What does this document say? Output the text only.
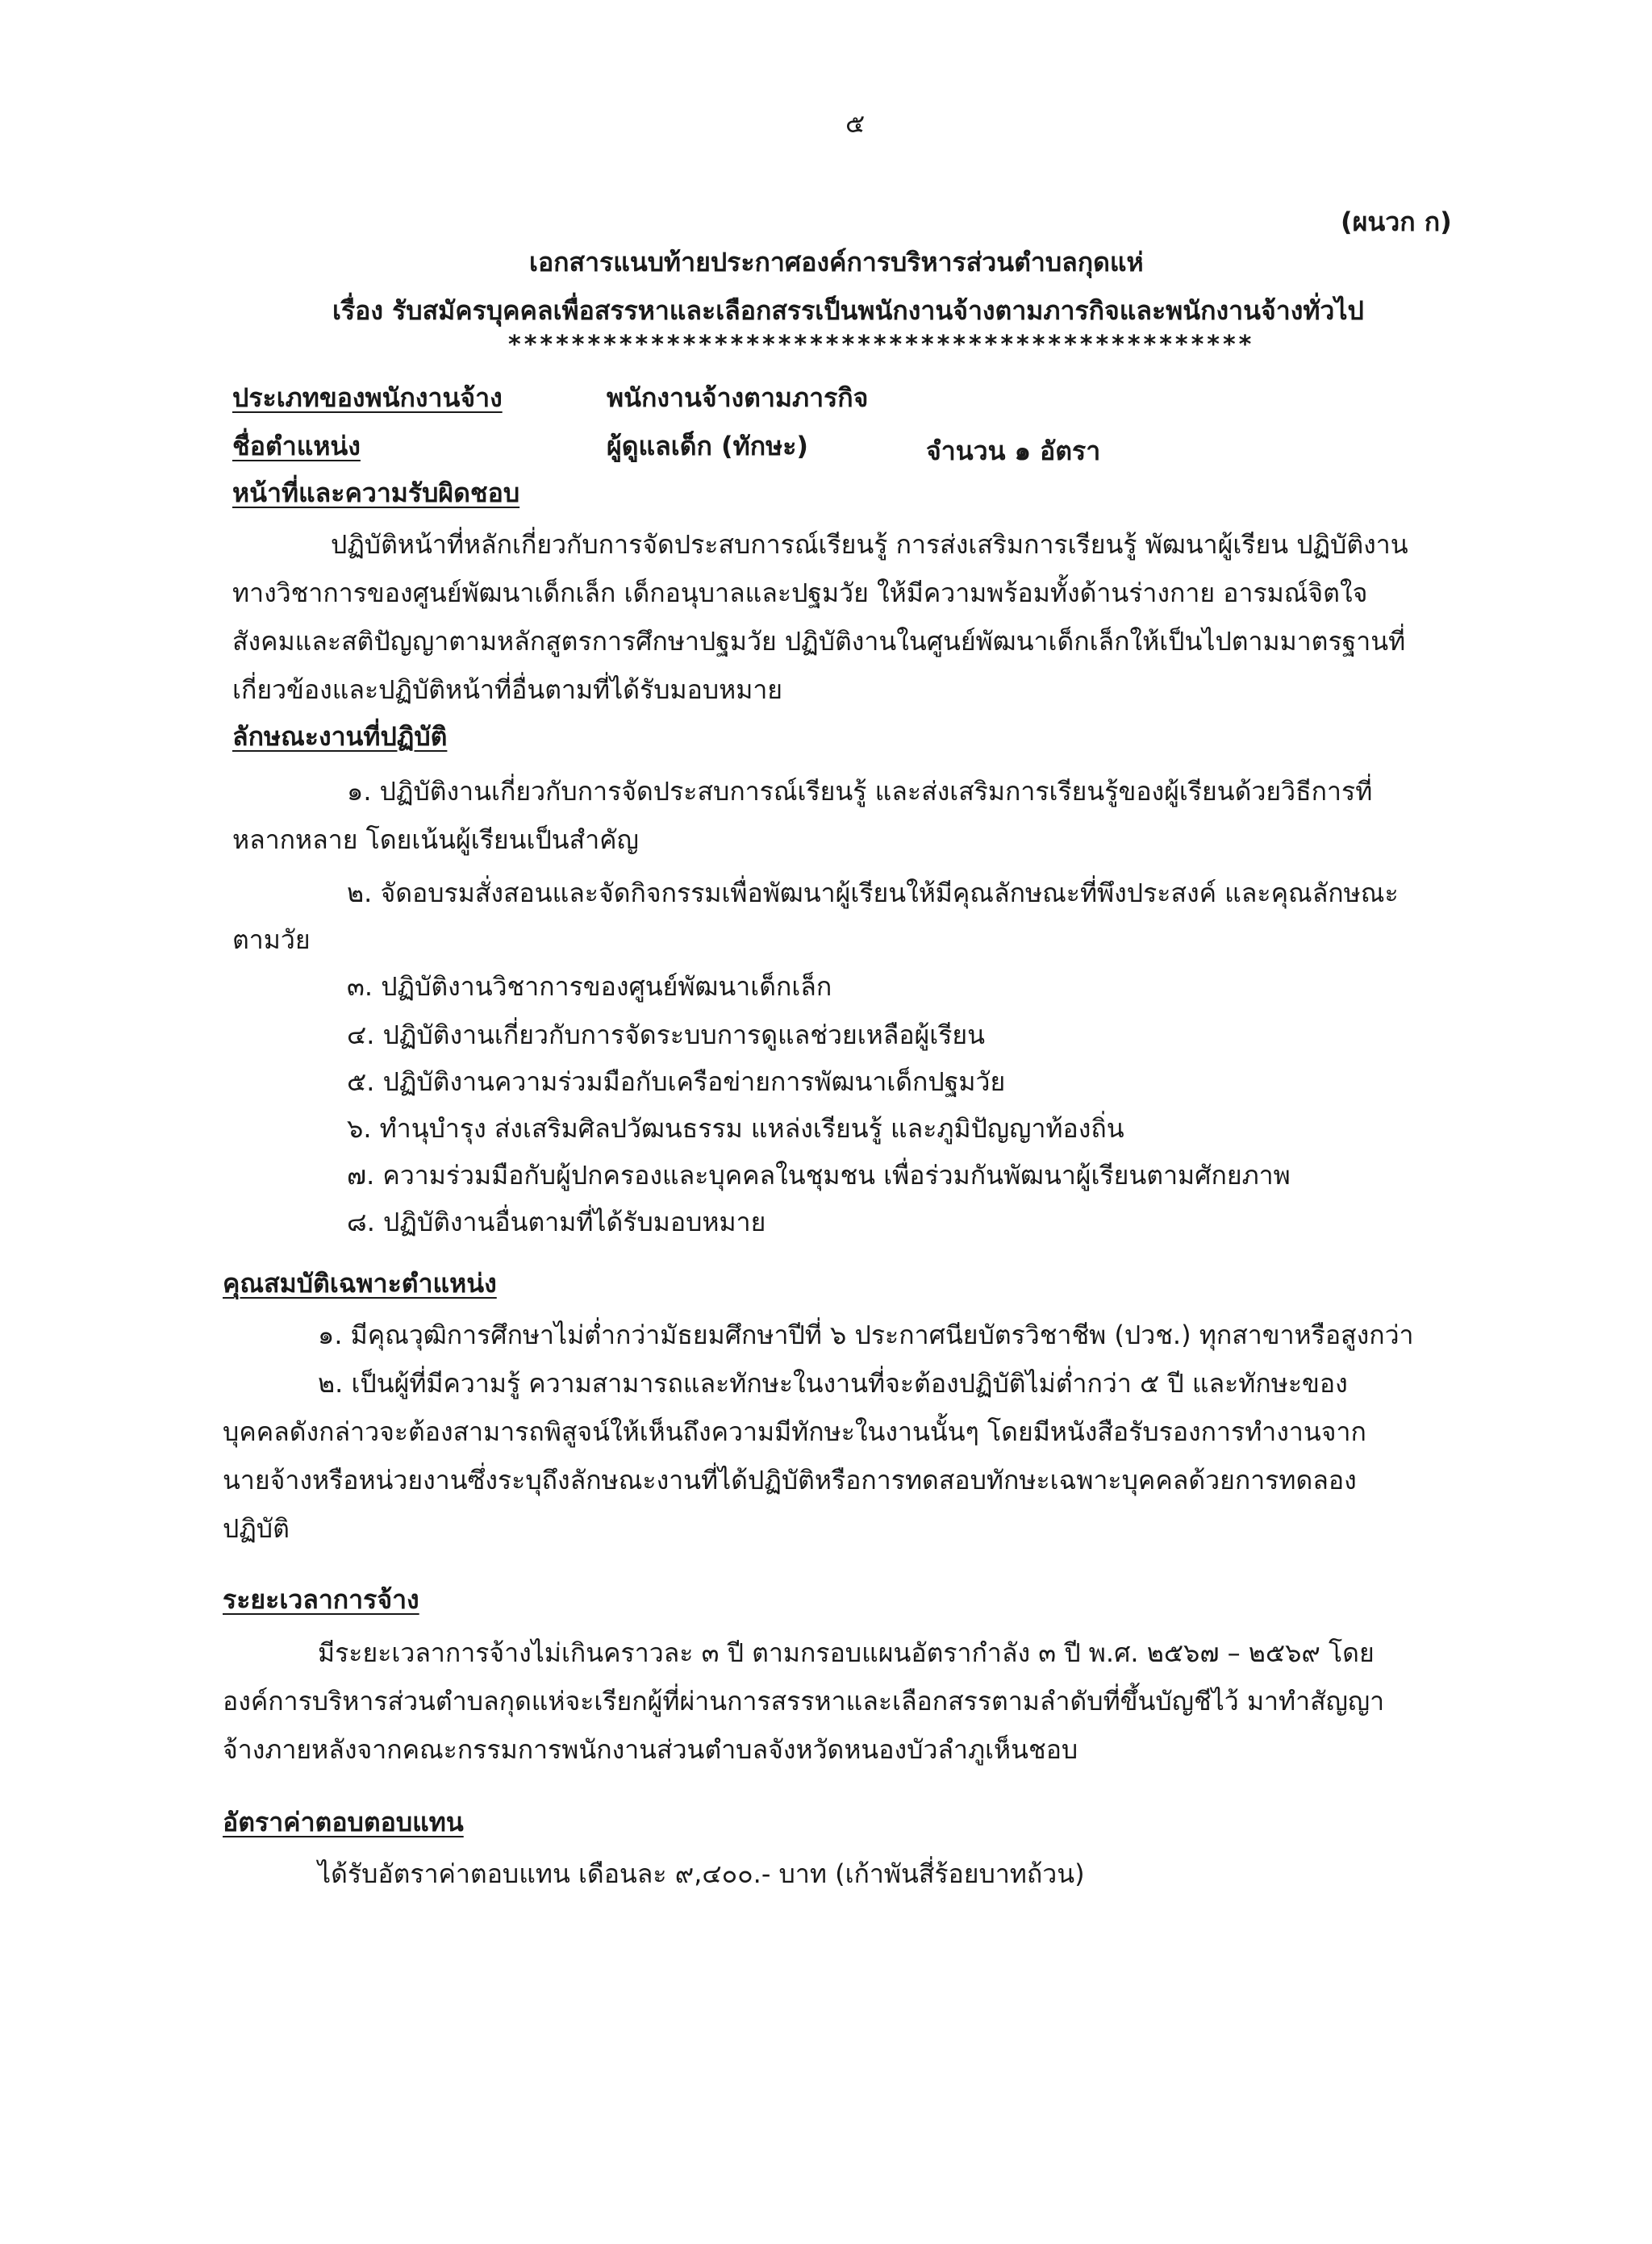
๕
(ผนวก ก)
เอกสารแนบท้ายประกาศองค์การบริหารส่วนตำบลกุดแห่
เรื่อง รับสมัครบุคคลเพื่อสรรหาและเลือกสรรเป็นพนักงานจ้างตามภารกิจและพนักงานจ้างทั่วไป
***********************************************
ประเภทของพนักงานจ้าง	พนักงานจ้างตามภารกิจ
ชื่อตำแหน่ง	ผู้ดูแลเด็ก (ทักษะ)	จำนวน ๑ อัตรา
หน้าที่และความรับผิดชอบ
ปฏิบัติหน้าที่หลักเกี่ยวกับการจัดประสบการณ์เรียนรู้ การส่งเสริมการเรียนรู้ พัฒนาผู้เรียน ปฏิบัติงาน
ทางวิชาการของศูนย์พัฒนาเด็กเล็ก เด็กอนุบาลและปฐมวัย ให้มีความพร้อมทั้งด้านร่างกาย อารมณ์จิตใจ
สังคมและสติปัญญาตามหลักสูตรการศึกษาปฐมวัย ปฏิบัติงานในศูนย์พัฒนาเด็กเล็กให้เป็นไปตามมาตรฐานที่
เกี่ยวข้องและปฏิบัติหน้าที่อื่นตามที่ได้รับมอบหมาย
ลักษณะงานที่ปฏิบัติ
๑. ปฏิบัติงานเกี่ยวกับการจัดประสบการณ์เรียนรู้ และส่งเสริมการเรียนรู้ของผู้เรียนด้วยวิธีการที่
หลากหลาย โดยเน้นผู้เรียนเป็นสำคัญ
๒. จัดอบรมสั่งสอนและจัดกิจกรรมเพื่อพัฒนาผู้เรียนให้มีคุณลักษณะที่พึงประสงค์ และคุณลักษณะ
ตามวัย
๓. ปฏิบัติงานวิชาการของศูนย์พัฒนาเด็กเล็ก
๔. ปฏิบัติงานเกี่ยวกับการจัดระบบการดูแลช่วยเหลือผู้เรียน
๕. ปฏิบัติงานความร่วมมือกับเครือข่ายการพัฒนาเด็กปฐมวัย
๖. ทำนุบำรุง ส่งเสริมศิลปวัฒนธรรม แหล่งเรียนรู้ และภูมิปัญญาท้องถิ่น
๗. ความร่วมมือกับผู้ปกครองและบุคคลในชุมชน เพื่อร่วมกันพัฒนาผู้เรียนตามศักยภาพ
๘. ปฏิบัติงานอื่นตามที่ได้รับมอบหมาย
คุณสมบัติเฉพาะตำแหน่ง
๑. มีคุณวุฒิการศึกษาไม่ต่ำกว่ามัธยมศึกษาปีที่ ๖ ประกาศนียบัตรวิชาชีพ (ปวช.) ทุกสาขาหรือสูงกว่า
๒. เป็นผู้ที่มีความรู้ ความสามารถและทักษะในงานที่จะต้องปฏิบัติไม่ต่ำกว่า ๕ ปี และทักษะของ
บุคคลดังกล่าวจะต้องสามารถพิสูจน์ให้เห็นถึงความมีทักษะในงานนั้นๆ โดยมีหนังสือรับรองการทำงานจาก
นายจ้างหรือหน่วยงานซึ่งระบุถึงลักษณะงานที่ได้ปฏิบัติหรือการทดสอบทักษะเฉพาะบุคคลด้วยการทดลอง
ปฏิบัติ
ระยะเวลาการจ้าง
มีระยะเวลาการจ้างไม่เกินคราวละ ๓ ปี ตามกรอบแผนอัตรากำลัง ๓ ปี พ.ศ. ๒๕๖๗ – ๒๕๖๙ โดย
องค์การบริหารส่วนตำบลกุดแห่จะเรียกผู้ที่ผ่านการสรรหาและเลือกสรรตามลำดับที่ขึ้นบัญชีไว้ มาทำสัญญา
จ้างภายหลังจากคณะกรรมการพนักงานส่วนตำบลจังหวัดหนองบัวลำภูเห็นชอบ
อัตราค่าตอบตอบแทน
ได้รับอัตราค่าตอบแทน เดือนละ ๙,๔๐๐.- บาท (เก้าพันสี่ร้อยบาทถ้วน)
